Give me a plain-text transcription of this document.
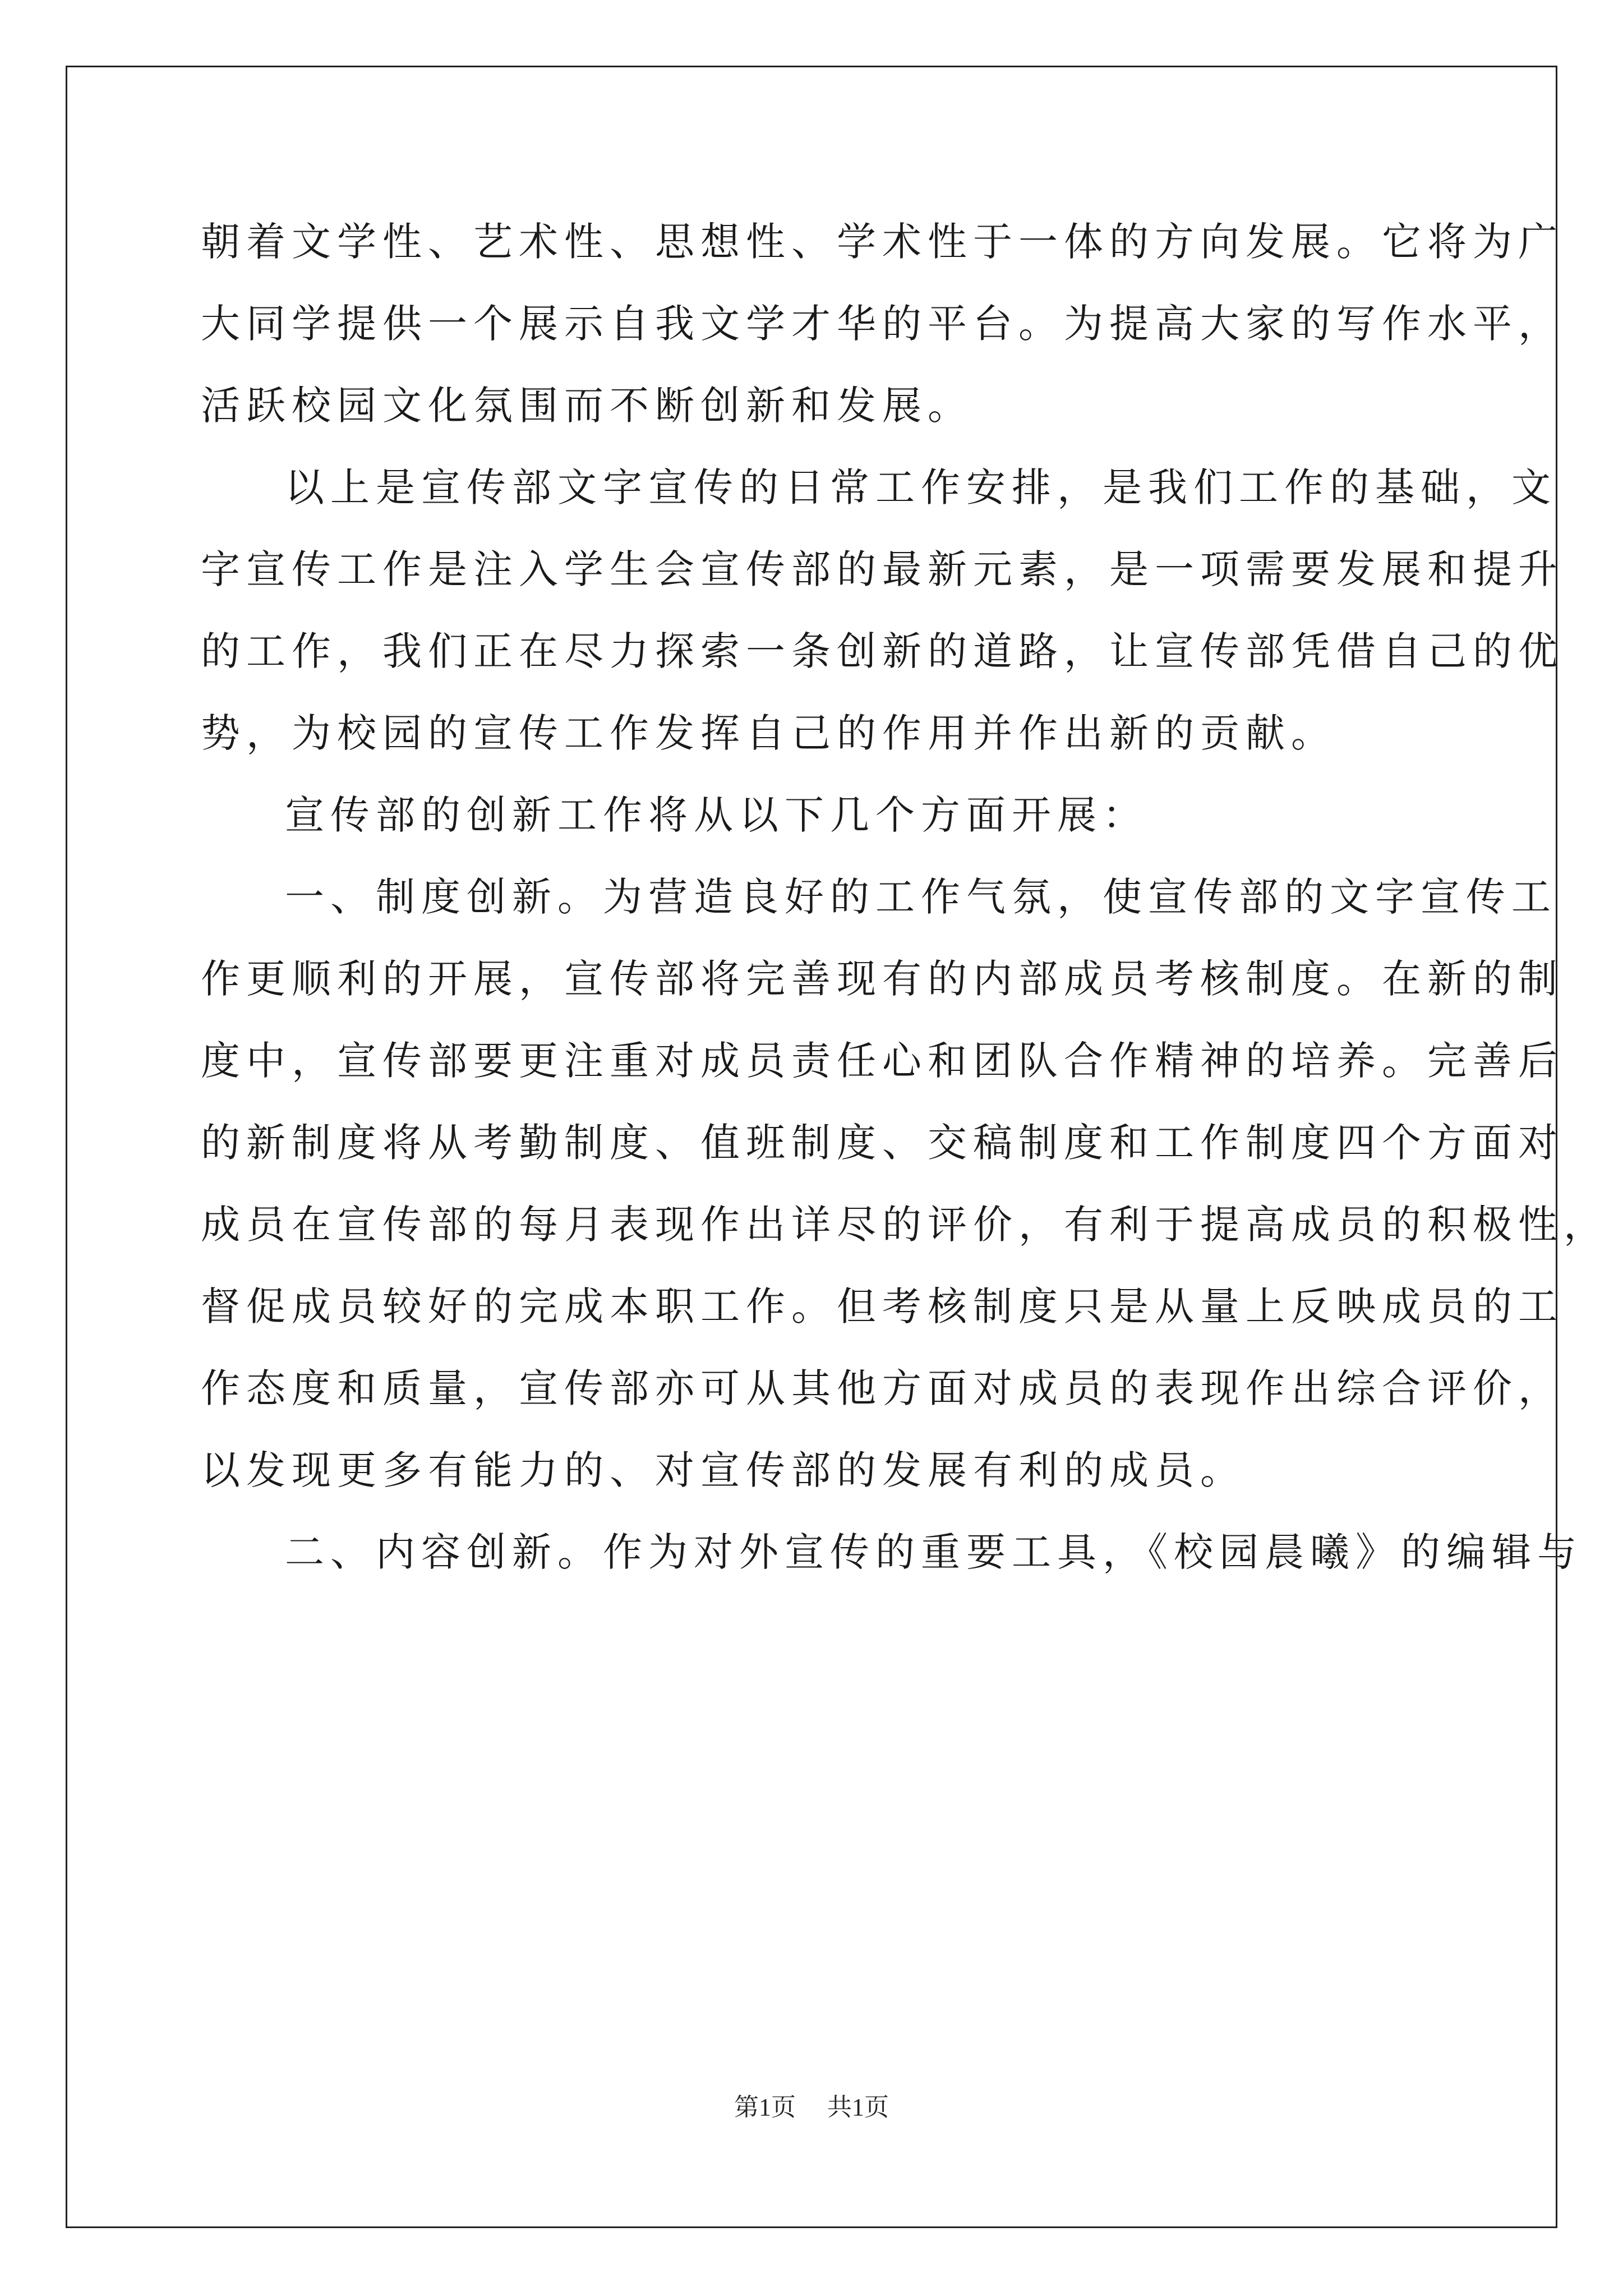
朝着文学性、艺术性、思想性、学术性于一体的方向发展。它将为广
大同学提供一个展示自我文学才华的平台。为提高大家的写作水平，
活跃校园文化氛围而不断创新和发展。
以上是宣传部文字宣传的日常工作安排，是我们工作的基础，文
字宣传工作是注入学生会宣传部的最新元素，是一项需要发展和提升
的工作，我们正在尽力探索一条创新的道路，让宣传部凭借自己的优
势，为校园的宣传工作发挥自己的作用并作出新的贡献。
宣传部的创新工作将从以下几个方面开展：
一、制度创新。为营造良好的工作气氛，使宣传部的文字宣传工
作更顺利的开展，宣传部将完善现有的内部成员考核制度。在新的制
度中，宣传部要更注重对成员责任心和团队合作精神的培养。完善后
的新制度将从考勤制度、值班制度、交稿制度和工作制度四个方面对
成员在宣传部的每月表现作出详尽的评价，有利于提高成员的积极性，
督促成员较好的完成本职工作。但考核制度只是从量上反映成员的工
作态度和质量，宣传部亦可从其他方面对成员的表现作出综合评价，
以发现更多有能力的、对宣传部的发展有利的成员。
二、内容创新。作为对外宣传的重要工具，《校园晨曦》的编辑与
第1页 共1页
